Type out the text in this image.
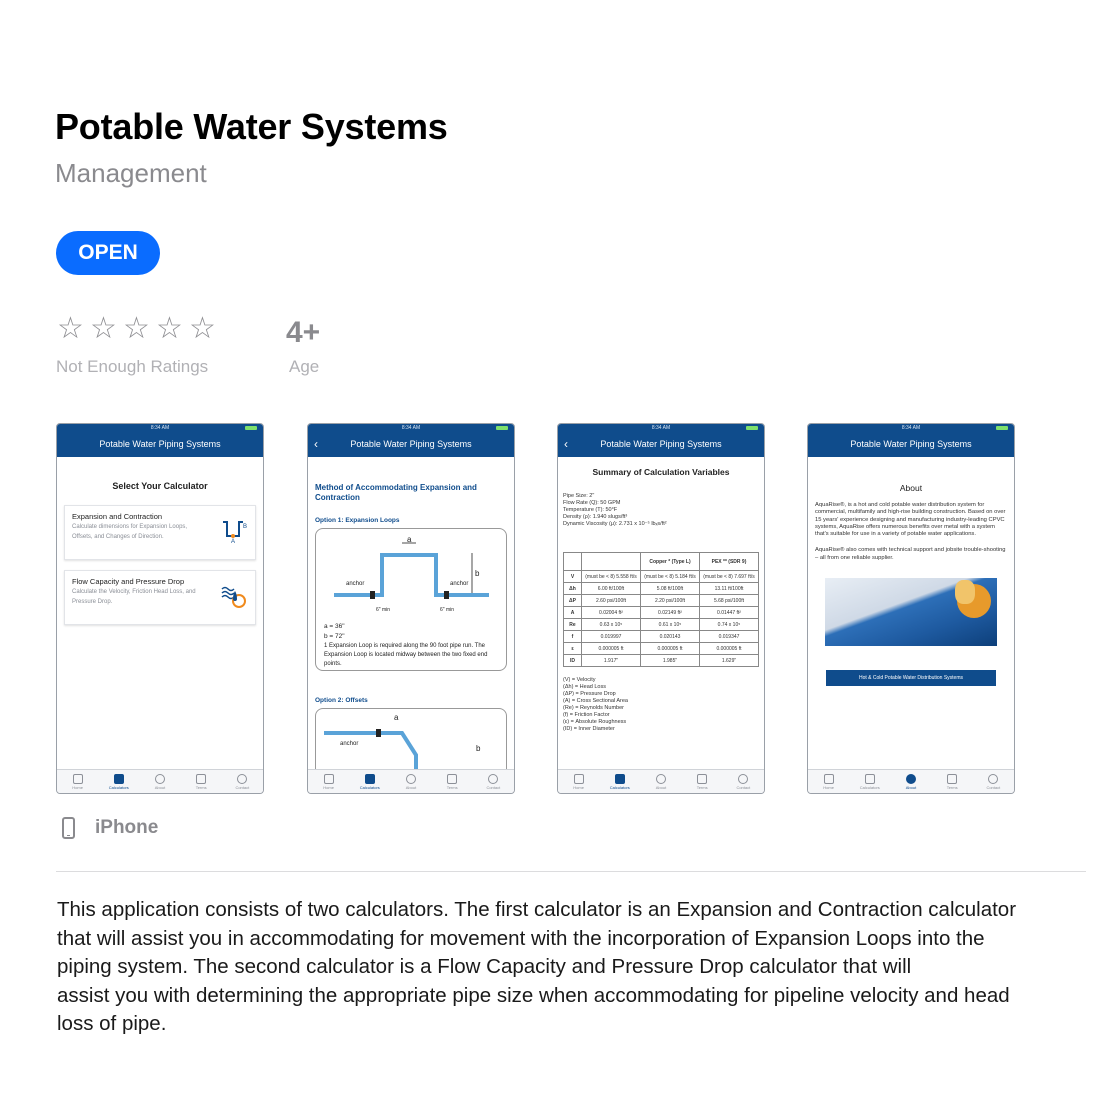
Potable Water Systems
Management
OPEN
☆ ☆ ☆ ☆ ☆
Not Enough Ratings
4+
Age
8:34 AM
Potable Water Piping Systems
Select Your Calculator
Expansion and Contraction
Calculate dimensions for Expansion Loops, Offsets, and Changes of Direction.
B
A
Flow Capacity and Pressure Drop
Calculate the Velocity, Friction Head Loss, and Pressure Drop.
Home	Calculators	About	Terms	Contact
8:34 AM
‹	Potable Water Piping Systems
Method of Accommodating Expansion and Contraction
Option 1: Expansion Loops
a
b
anchor	anchor
6" min	6" min
a = 36"
b = 72"
1 Expansion Loop is required along the 90 foot pipe run. The Expansion Loop is located midway between the two fixed end points.
Option 2: Offsets
a
b
anchor
Home	Calculators	About	Terms	Contact
8:34 AM
‹	Potable Water Piping Systems
Summary of Calculation Variables
Pipe Size: 2"
Flow Rate (Q): 50 GPM
Temperature (T): 50°F
Density (ρ): 1.940 slugs/ft³
Dynamic Viscosity (μ): 2.731 x 10⁻⁵ lbₓs/ft²
		Copper * (Type L)	PEX ** (SDR 9)
V	(must be < 8) 5.558 ft/s	(must be < 8) 5.184 ft/s	(must be < 8) 7.697 ft/s
Δh	6.00 ft/100ft	5.08 ft/100ft	13.11 ft/100ft
ΔP	2.60 psi/100ft	2.20 psi/100ft	5.68 psi/100ft
A	0.02004 ft²	0.02149 ft²	0.01447 ft²
Re	0.63 x 10⁵	0.61 x 10⁵	0.74 x 10⁵
f	0.019997	0.020143	0.019347
ε	0.000005 ft	0.000005 ft	0.000005 ft
ID	1.917"	1.985"	1.629"
(V) = Velocity
(Δh) = Head Loss
(ΔP) = Pressure Drop
(A) = Cross Sectional Area
(Re) = Reynolds Number
(f) = Friction Factor
(ε) = Absolute Roughness
(ID) = Inner Diameter
Home	Calculators	About	Terms	Contact
8:34 AM
Potable Water Piping Systems
About
AquaRise®, is a hot and cold potable water distribution system for commercial, multifamily and high-rise building construction. Based on over 15 years' experience designing and manufacturing industry-leading CPVC systems, AquaRise offers numerous benefits over metal with a system that's suitable for use in a variety of potable water applications.
AquaRise® also comes with technical support and jobsite trouble-shooting – all from one reliable supplier.
Hot & Cold Potable Water Distribution Systems
Home	Calculators	About	Terms	Contact
iPhone
This application consists of two calculators. The first calculator is an Expansion and Contraction calculator
that will assist you in accommodating for movement with the incorporation of Expansion Loops into the
piping system. The second calculator is a Flow Capacity and Pressure Drop calculator that will
assist you with determining the appropriate pipe size when accommodating for pipeline velocity and head
loss of pipe.
